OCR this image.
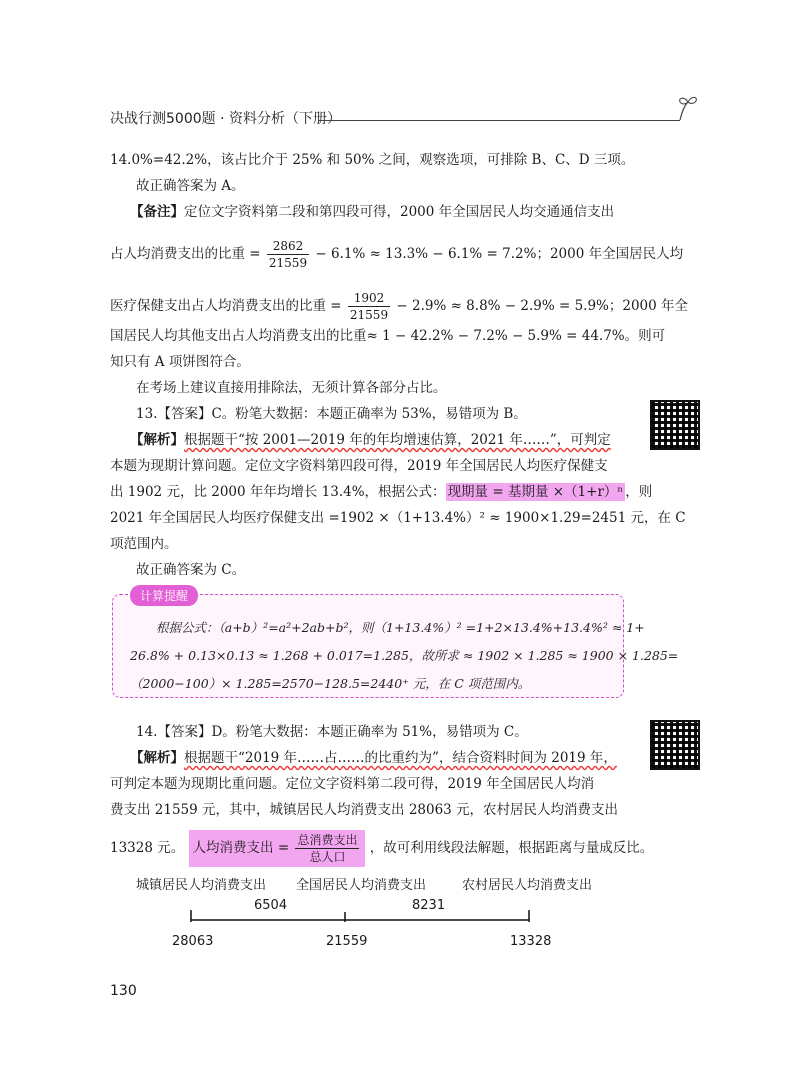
决战行测5000题 · 资料分析（下册）
14.0%=42.2%，该占比介于 25% 和 50% 之间，观察选项，可排除 B、C、D 三项。
故正确答案为 A。
【备注】定位文字资料第二段和第四段可得，2000 年全国居民人均交通通信支出
占人均消费支出的比重 = $\frac{2862}{21559} - 6.1\% \approx 13.3\% - 6.1\% = 7.2\%$；2000 年全国居民人均
医疗保健支出占人均消费支出的比重 = $\frac{1902}{21559} - 2.9\% \approx 8.8\% - 2.9\% = 5.9\%$；2000 年全
国居民人均其他支出占人均消费支出的比重≈ 1 − 42.2% − 7.2% − 5.9% = 44.7%。则可
知只有 A 项饼图符合。
在考场上建议直接用排除法，无须计算各部分占比。
13.【答案】C。粉笔大数据：本题正确率为 53%，易错项为 B。
【解析】根据题干“按 2001—2019 年的年均增速估算，2021 年……”，可判定
本题为现期计算问题。定位文字资料第四段可得，2019 年全国居民人均医疗保健支
出 1902 元，比 2000 年年均增长 13.4%，根据公式： 现期量 = 基期量 ×（1+r）ⁿ ，则
2021 年全国居民人均医疗保健支出 =1902 ×（1+13.4%）² ≈ 1900×1.29=2451 元，在 C
项范围内。
故正确答案为 C。
计算提醒
根据公式：（a+b）²=a²+2ab+b²，则（1+13.4%）² =1+2×13.4%+13.4%² ≈ 1+
26.8% + 0.13×0.13 ≈ 1.268 + 0.017=1.285，故所求 ≈ 1902 × 1.285 ≈ 1900 × 1.285=
（2000−100）× 1.285=2570−128.5=2440⁺ 元，在 C 项范围内。
14.【答案】D。粉笔大数据：本题正确率为 51%，易错项为 C。
【解析】根据题干“2019 年……占……的比重约为”，结合资料时间为 2019 年，
可判定本题为现期比重问题。定位文字资料第二段可得，2019 年全国居民人均消
费支出 21559 元，其中，城镇居民人均消费支出 28063 元，农村居民人均消费支出
13328 元。 人均消费支出 = $\frac{\text{总消费支出}}{\text{总人口}}$ ，故可利用线段法解题，根据距离与量成反比。
城镇居民人均消费支出 全国居民人均消费支出	农村居民人均消费支出
6504	8231
28063	21559	13328
130
